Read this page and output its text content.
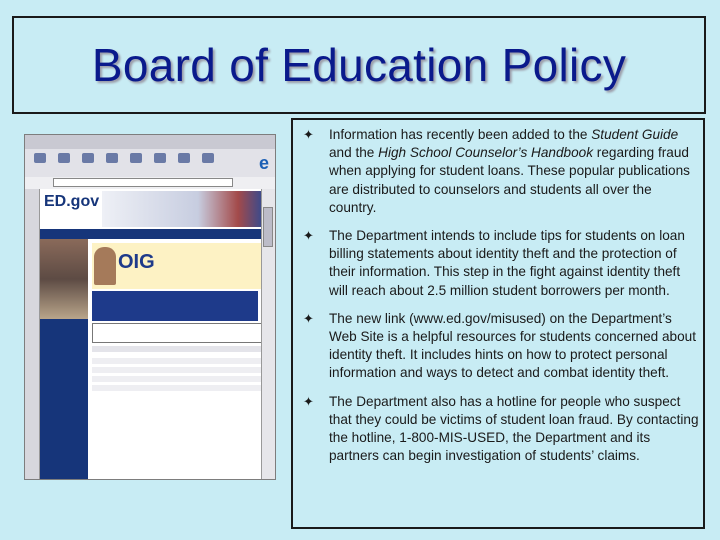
Board of Education Policy
e
ED.gov
OIG
✦ Information has recently been added to the Student Guide and the High School Counselor’s Handbook regarding fraud when applying for student loans. These popular publications are distributed to counselors and students all over the country.
✦ The Department intends to include tips for students on loan billing statements about identity theft and the protection of their information. This step in the fight against identity theft will reach about 2.5 million student borrowers per month.
✦ The new link (www.ed.gov/misused) on the Department’s Web Site is a helpful resources for students concerned about identity theft. It includes hints on how to protect personal information and ways to detect and combat identity theft.
✦ The Department also has a hotline for people who suspect that they could be victims of student loan fraud. By contacting the hotline, 1-800-MIS-USED, the Department and its partners can begin investigation of students’ claims.
